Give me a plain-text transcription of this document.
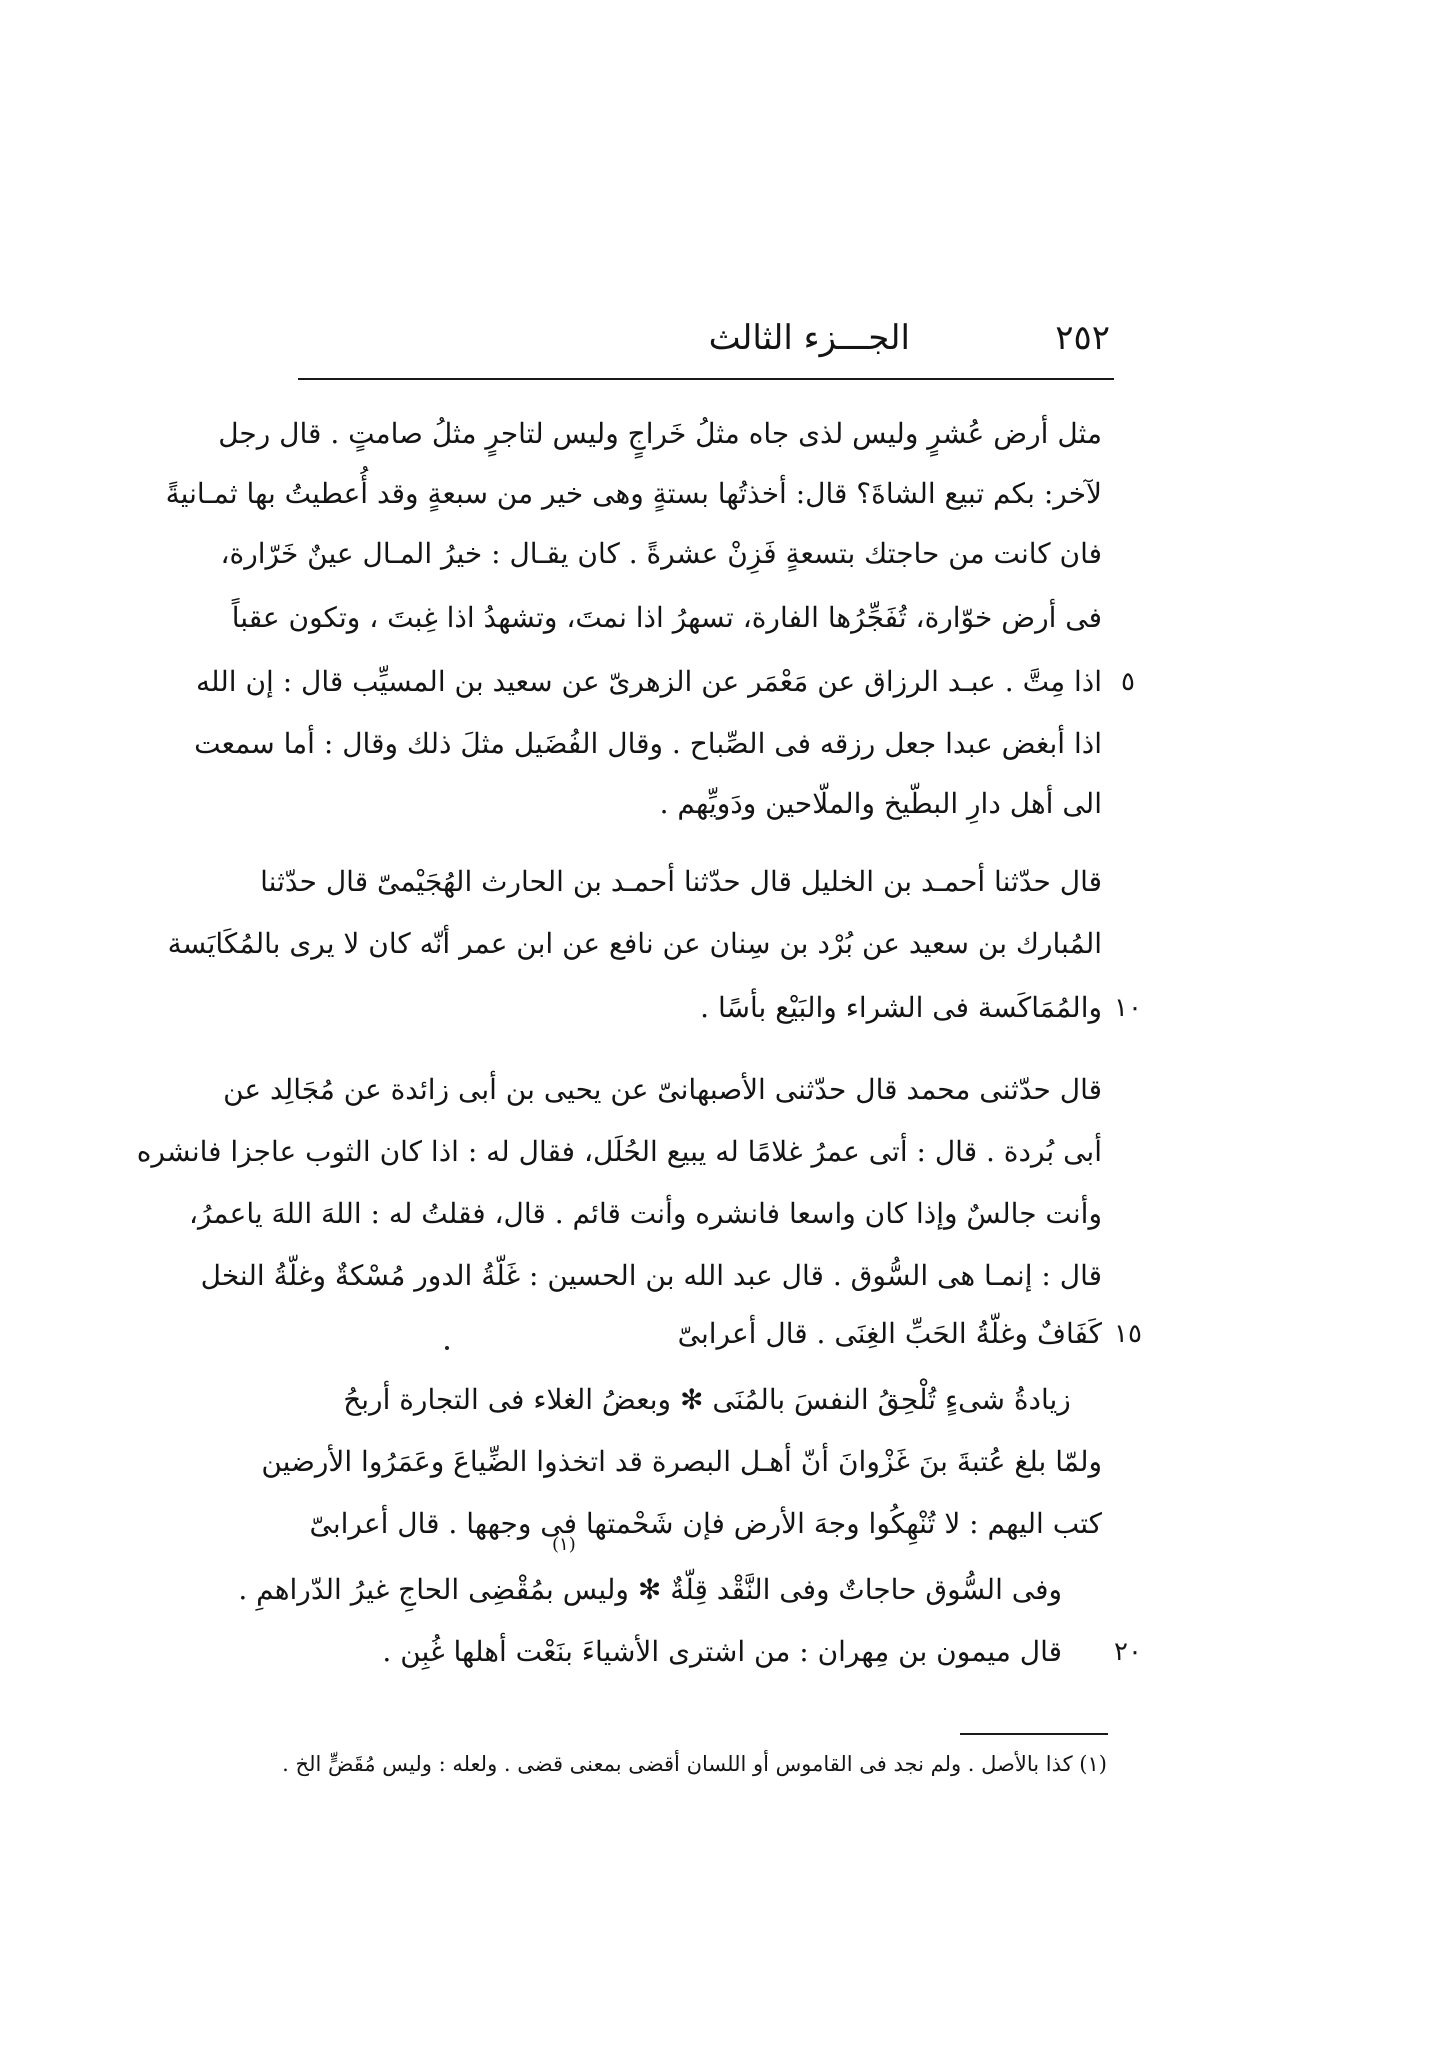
٢٥٢
الجـــزء الثالث
مثل أرض عُشرٍ وليس لذى جاه مثلُ خَراجٍ وليس لتاجرٍ مثلُ صامتٍ . قال رجل
لآخر: بكم تبيع الشاةَ؟ قال: أخذتُها بستةٍ وهى خير من سبعةٍ وقد أُعطيتُ بها ثمـانيةً
فان كانت من حاجتك بتسعةٍ فَزِنْ عشرةً . كان يقـال : خيرُ المـال عينٌ خَرّارة،
فى أرض خوّارة، تُفَجِّرُها الفارة، تسهرُ اذا نمتَ، وتشهدُ اذا غِبتَ ، وتكون عقباً
اذا مِتَّ . عبـد الرزاق عن مَعْمَر عن الزهرىّ عن سعيد بن المسيِّب قال : إن الله
اذا أبغض عبدا جعل رزقه فى الصِّباح . وقال الفُضَيل مثلَ ذلك وقال : أما سمعت
الى أهل دارِ البطّيخ والملّاحين ودَويِّهم .
قال حدّثنا أحمـد بن الخليل قال حدّثنا أحمـد بن الحارث الهُجَيْمىّ قال حدّثنا
المُبارك بن سعيد عن بُرْد بن سِنان عن نافع عن ابن عمر أنّه كان لا يرى بالمُكَايَسة
والمُمَاكَسة فى الشراء والبَيْع بأسًا .
قال حدّثنى محمد قال حدّثنى الأصبهانىّ عن يحيى بن أبى زائدة عن مُجَالِد عن
أبى بُردة . قال : أتى عمرُ غلامًا له يبيع الحُلَل، فقال له : اذا كان الثوب عاجزا فانشره
وأنت جالسٌ وإذا كان واسعا فانشره وأنت قائم . قال، فقلتُ له : اللهَ اللهَ ياعمرُ،
قال : إنمـا هى السُّوق . قال عبد الله بن الحسين : غَلّةُ الدور مُسْكةٌ وغلّةُ النخل
كَفَافٌ وغلّةُ الحَبِّ الغِنَى . قال أعرابىّ
زيادةُ شىءٍ تُلْحِقُ النفسَ بالمُنَى ✻ وبعضُ الغلاء فى التجارة أربحُ
ولمّا بلغ عُتبةَ بنَ غَزْوانَ أنّ أهـل البصرة قد اتخذوا الضِّياعَ وعَمَرُوا الأرضين
كتب اليهم : لا تُنْهِكُوا وجهَ الأرض فإن شَحْمتها فى وجهها . قال أعرابىّ
وفى السُّوق حاجاتٌ وفى النَّقْد قِلّةٌ ✻ وليس بمُقْضِى الحاجِ غيرُ الدّراهمِ .
قال ميمون بن مِهران : من اشترى الأشياءَ بنَعْت أهلها غُبِن .
(١)
٥
١٠
١٥
٢٠
(١) كذا بالأصل . ولم نجد فى القاموس أو اللسان أقضى بمعنى قضى . ولعله : وليس مُقَضٍّ الخ .
